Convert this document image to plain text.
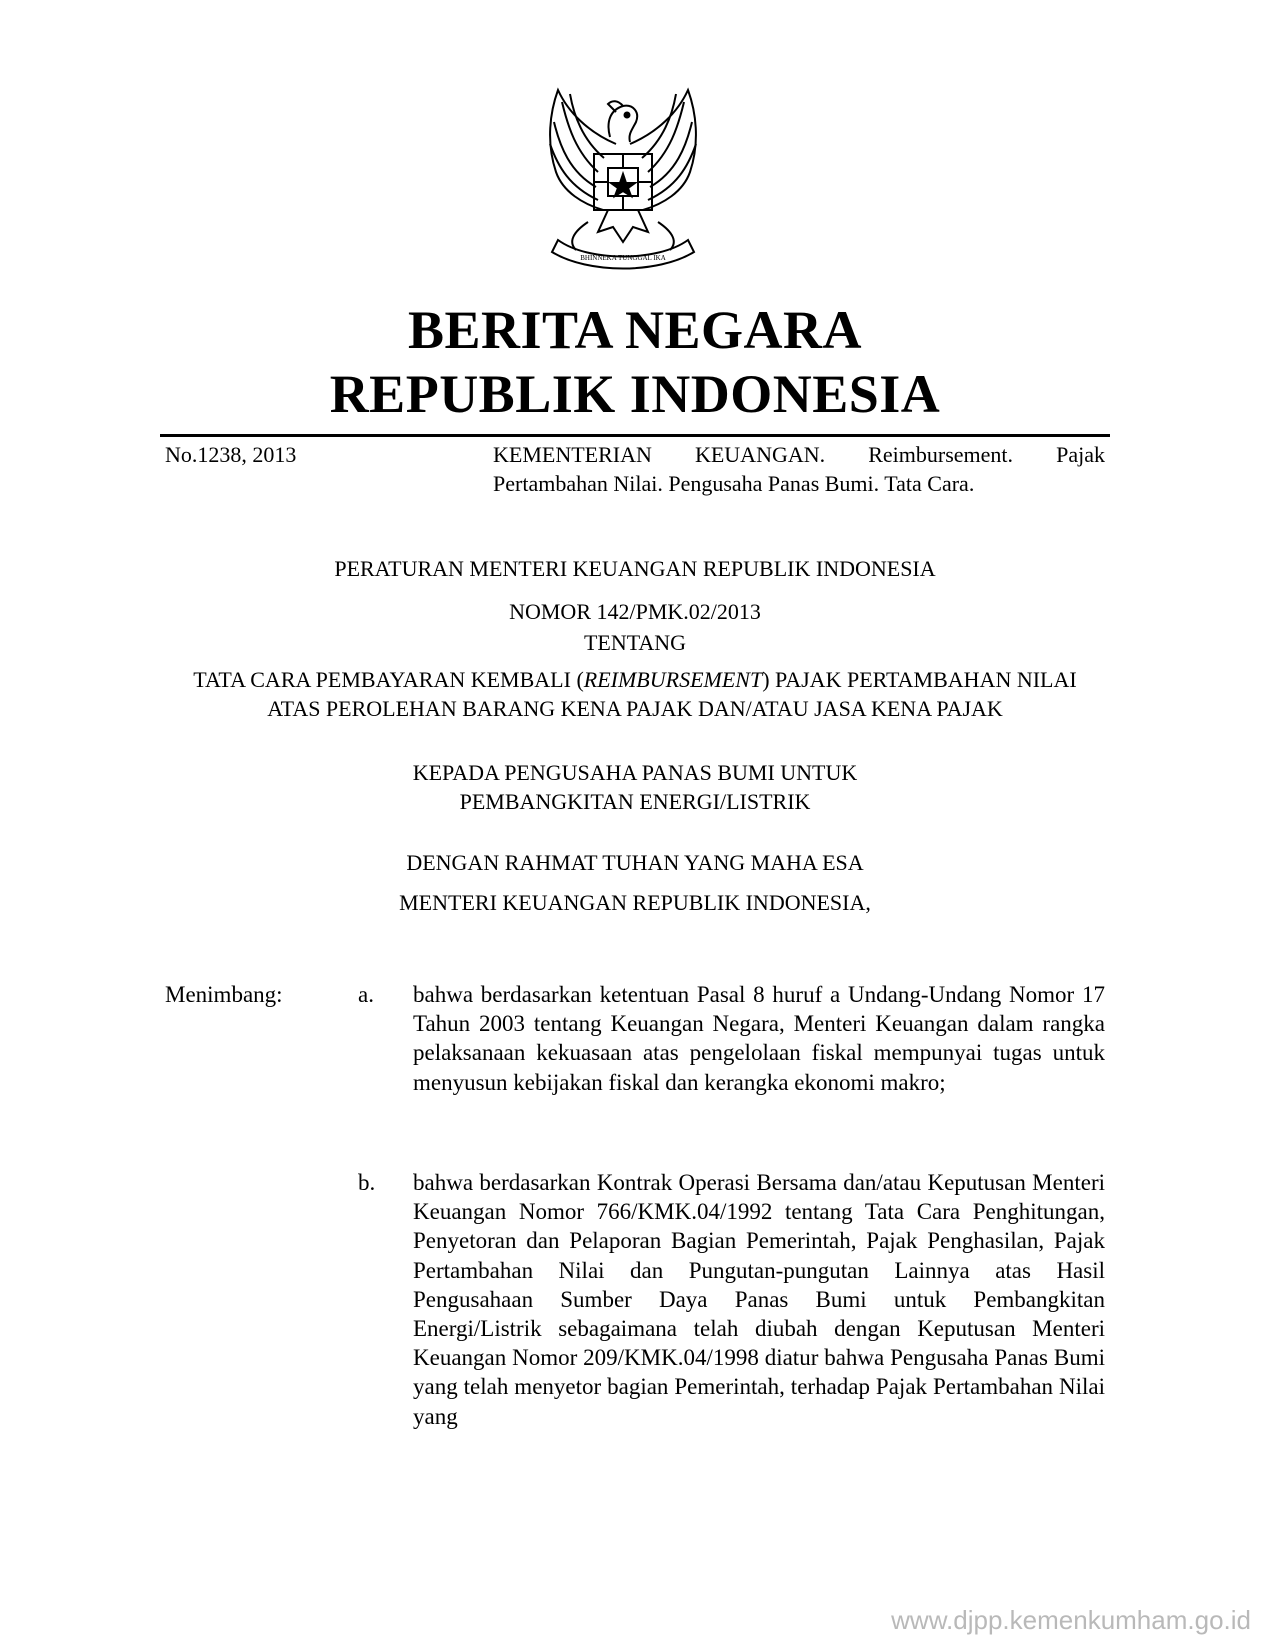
BHINNEKA TUNGGAL IKA
BERITA NEGARA
REPUBLIK INDONESIA
No.1238, 2013	KEMENTERIAN KEUANGAN. Reimbursement. Pajak Pertambahan Nilai. Pengusaha Panas Bumi. Tata Cara.
PERATURAN MENTERI KEUANGAN REPUBLIK INDONESIA
NOMOR 142/PMK.02/2013
TENTANG
TATA CARA PEMBAYARAN KEMBALI (REIMBURSEMENT) PAJAK PERTAMBAHAN NILAI ATAS PEROLEHAN BARANG KENA PAJAK DAN/ATAU JASA KENA PAJAK
KEPADA PENGUSAHA PANAS BUMI UNTUK
PEMBANGKITAN ENERGI/LISTRIK
DENGAN RAHMAT TUHAN YANG MAHA ESA
MENTERI KEUANGAN REPUBLIK INDONESIA,
Menimbang:	a. bahwa berdasarkan ketentuan Pasal 8 huruf a Undang-Undang Nomor 17 Tahun 2003 tentang Keuangan Negara, Menteri Keuangan dalam rangka pelaksanaan kekuasaan atas pengelolaan fiskal mempunyai tugas untuk menyusun kebijakan fiskal dan kerangka ekonomi makro;
b. bahwa berdasarkan Kontrak Operasi Bersama dan/atau Keputusan Menteri Keuangan Nomor 766/KMK.04/1992 tentang Tata Cara Penghitungan, Penyetoran dan Pelaporan Bagian Pemerintah, Pajak Penghasilan, Pajak Pertambahan Nilai dan Pungutan-pungutan Lainnya atas Hasil Pengusahaan Sumber Daya Panas Bumi untuk Pembangkitan Energi/Listrik sebagaimana telah diubah dengan Keputusan Menteri Keuangan Nomor 209/KMK.04/1998 diatur bahwa Pengusaha Panas Bumi yang telah menyetor bagian Pemerintah, terhadap Pajak Pertambahan Nilai yang
www.djpp.kemenkumham.go.id
